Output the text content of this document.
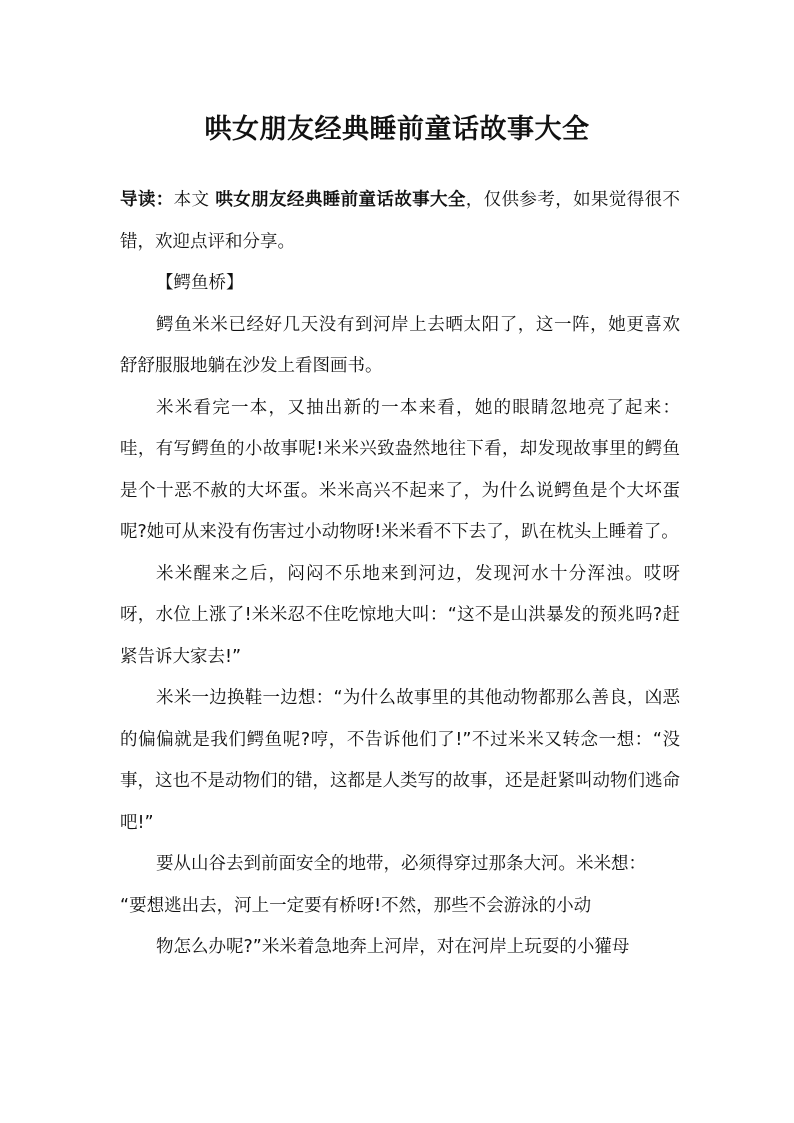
哄女朋友经典睡前童话故事大全

导读：本文 哄女朋友经典睡前童话故事大全，仅供参考，如果觉得很不错，欢迎点评和分享。

【鳄鱼桥】

鳄鱼米米已经好几天没有到河岸上去晒太阳了，这一阵，她更喜欢舒舒服服地躺在沙发上看图画书。

米米看完一本，又抽出新的一本来看，她的眼睛忽地亮了起来：哇，有写鳄鱼的小故事呢!米米兴致盎然地往下看，却发现故事里的鳄鱼是个十恶不赦的大坏蛋。米米高兴不起来了，为什么说鳄鱼是个大坏蛋呢?她可从来没有伤害过小动物呀!米米看不下去了，趴在枕头上睡着了。

米米醒来之后，闷闷不乐地来到河边，发现河水十分浑浊。哎呀呀，水位上涨了!米米忍不住吃惊地大叫：“这不是山洪暴发的预兆吗?赶紧告诉大家去!”

米米一边换鞋一边想：“为什么故事里的其他动物都那么善良，凶恶的偏偏就是我们鳄鱼呢?哼，不告诉他们了!”不过米米又转念一想：“没事，这也不是动物们的错，这都是人类写的故事，还是赶紧叫动物们逃命吧!”

要从山谷去到前面安全的地带，必须得穿过那条大河。米米想：

“要想逃出去，河上一定要有桥呀!不然，那些不会游泳的小动

物怎么办呢?”米米着急地奔上河岸，对在河岸上玩耍的小獾母
